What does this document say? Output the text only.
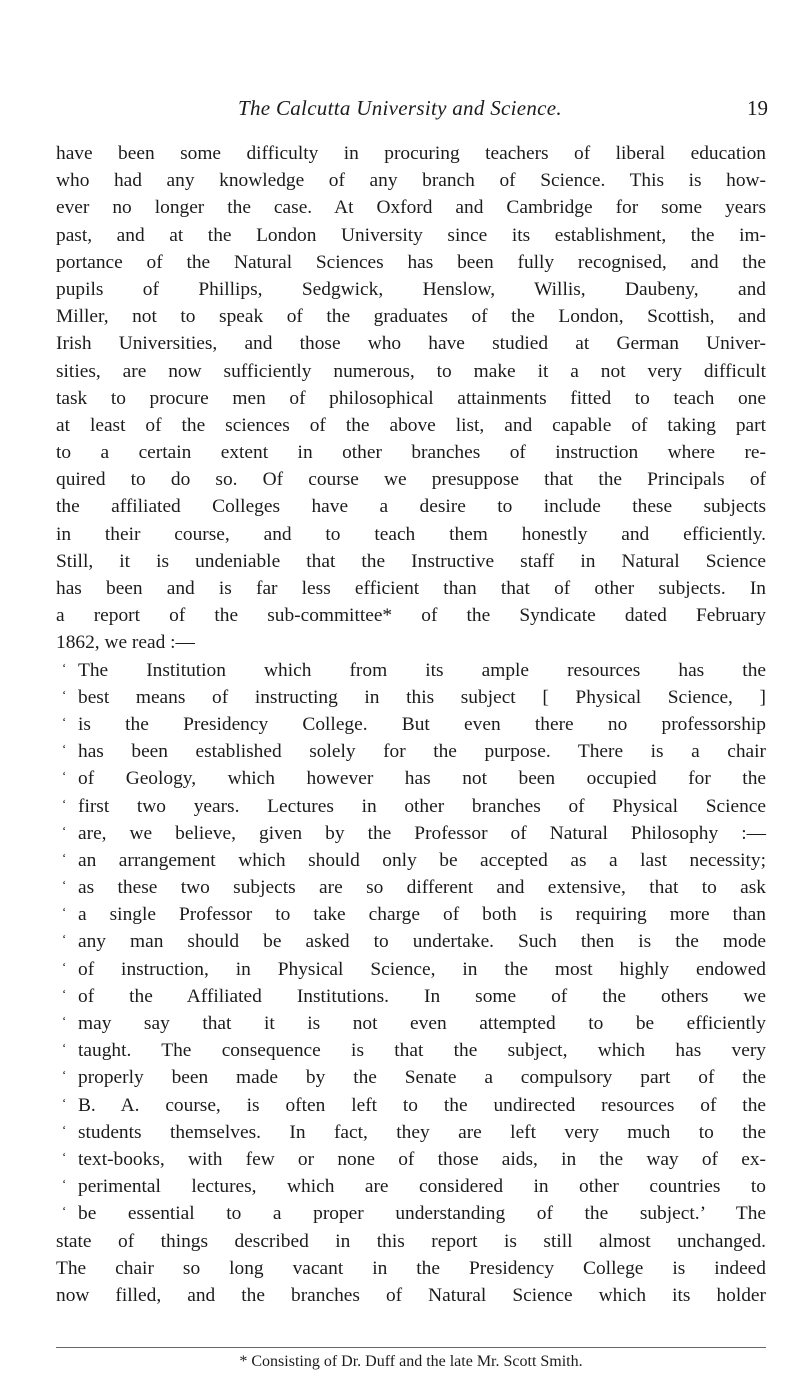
The Calcutta University and Science.	19
have been some difficulty in procuring teachers of liberal education
who had any knowledge of any branch of Science. This is how-
ever no longer the case. At Oxford and Cambridge for some years
past, and at the London University since its establishment, the im-
portance of the Natural Sciences has been fully recognised, and the
pupils of Phillips, Sedgwick, Henslow, Willis, Daubeny, and
Miller, not to speak of the graduates of the London, Scottish, and
Irish Universities, and those who have studied at German Univer-
sities, are now sufficiently numerous, to make it a not very difficult
task to procure men of philosophical attainments fitted to teach one
at least of the sciences of the above list, and capable of taking part
to a certain extent in other branches of instruction where re-
quired to do so. Of course we presuppose that the Principals of
the affiliated Colleges have a desire to include these subjects
in their course, and to teach them honestly and efficiently.
Still, it is undeniable that the Instructive staff in Natural Science
has been and is far less efficient than that of other subjects. In
a report of the sub-committee* of the Syndicate dated February
1862, we read :—
‘ The Institution which from its ample resources has the
‘ best means of instructing in this subject [ Physical Science, ]
‘ is the Presidency College. But even there no professorship
‘ has been established solely for the purpose. There is a chair
‘ of Geology, which however has not been occupied for the
‘ first two years. Lectures in other branches of Physical Science
‘ are, we believe, given by the Professor of Natural Philosophy :—
‘ an arrangement which should only be accepted as a last necessity;
‘ as these two subjects are so different and extensive, that to ask
‘ a single Professor to take charge of both is requiring more than
‘ any man should be asked to undertake. Such then is the mode
‘ of instruction, in Physical Science, in the most highly endowed
‘ of the Affiliated Institutions. In some of the others we
‘ may say that it is not even attempted to be efficiently
‘ taught. The consequence is that the subject, which has very
‘ properly been made by the Senate a compulsory part of the
‘ B. A. course, is often left to the undirected resources of the
‘ students themselves. In fact, they are left very much to the
‘ text-books, with few or none of those aids, in the way of ex-
‘ perimental lectures, which are considered in other countries to
‘ be essential to a proper understanding of the subject.’ The
state of things described in this report is still almost unchanged.
The chair so long vacant in the Presidency College is indeed
now filled, and the branches of Natural Science which its holder
* Consisting of Dr. Duff and the late Mr. Scott Smith.
